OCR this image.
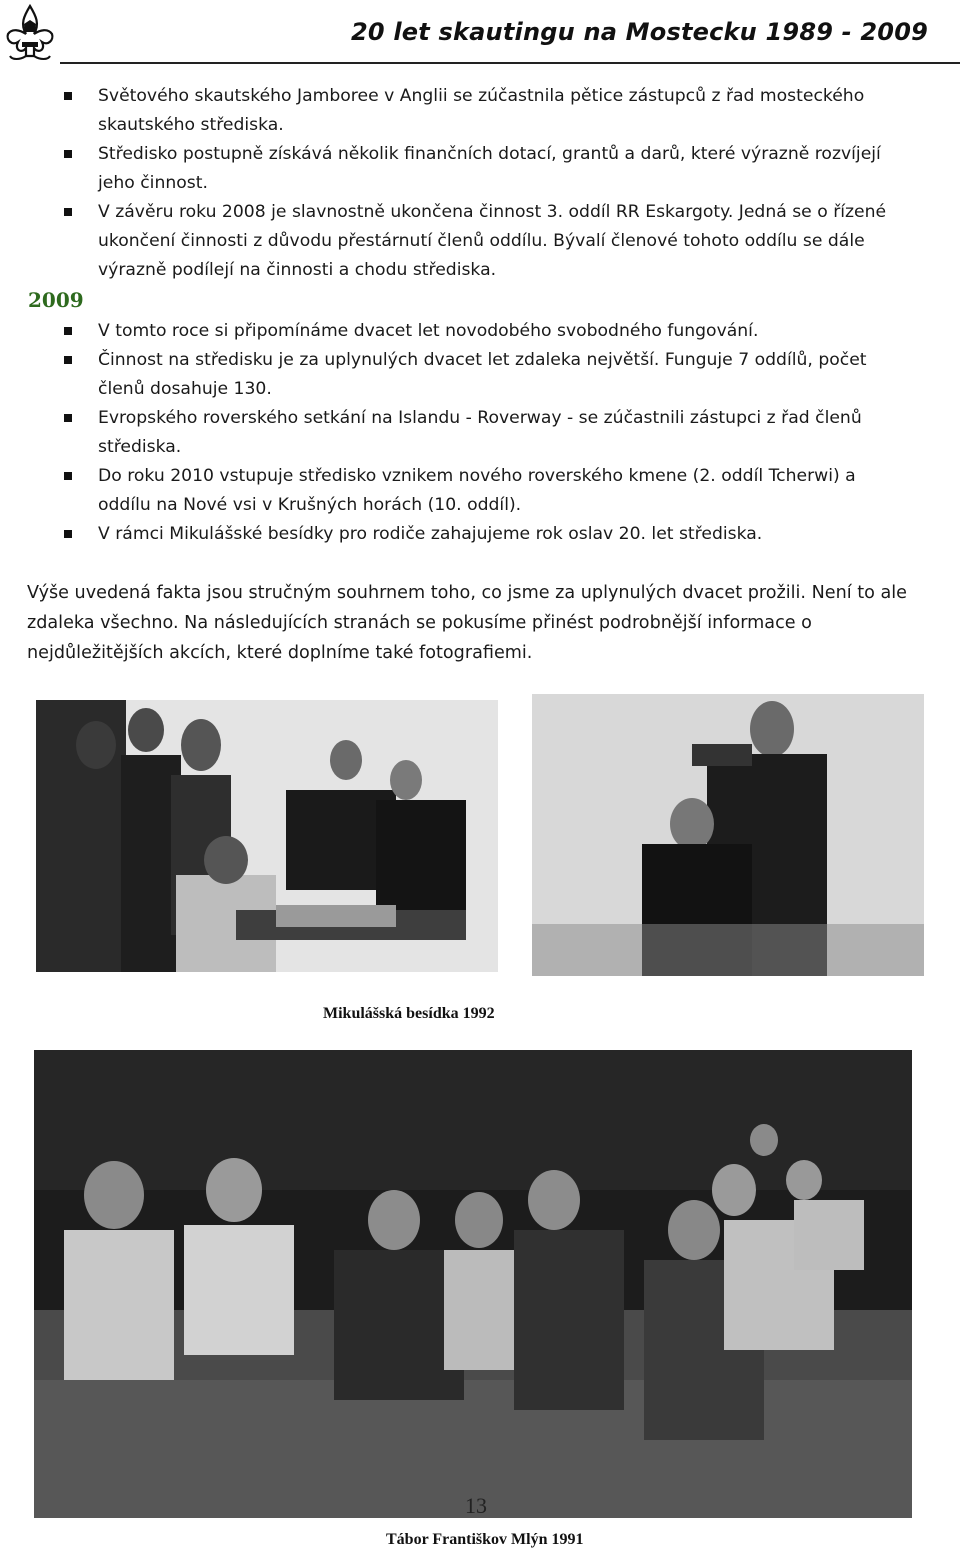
20 let skautingu na Mostecku 1989 - 2009
Světového skautského Jamboree v Anglii se zúčastnila pětice zástupců z řad mosteckého skautského střediska.
Středisko postupně získává několik finančních dotací, grantů a darů, které výrazně rozvíjejí jeho činnost.
V závěru roku 2008 je slavnostně ukončena činnost 3. oddíl RR Eskargoty. Jedná se o řízené ukončení činnosti z důvodu přestárnutí členů oddílu. Bývalí členové tohoto oddílu se dále výrazně podílejí na činnosti a chodu střediska.
2009
V tomto roce si připomínáme dvacet let novodobého svobodného fungování.
Činnost na středisku je za uplynulých dvacet let zdaleka největší. Funguje 7 oddílů, počet členů dosahuje 130.
Evropského roverského setkání na Islandu - Roverway - se zúčastnili zástupci z řad členů střediska.
Do roku 2010 vstupuje středisko vznikem nového roverského kmene (2. oddíl Tcherwi) a oddílu na Nové vsi v Krušných horách (10. oddíl).
V rámci Mikulášské besídky pro rodiče zahajujeme rok oslav 20. let střediska.

Výše uvedená fakta jsou stručným souhrnem toho, co jsme za uplynulých dvacet prožili. Není to ale zdaleka všechno. Na následujících stranách se pokusíme přinést podrobnější informace o nejdůležitějších akcích, které doplníme také fotografiemi.

Mikulášská besídka 1992
13
Tábor Františkov Mlýn 1991
